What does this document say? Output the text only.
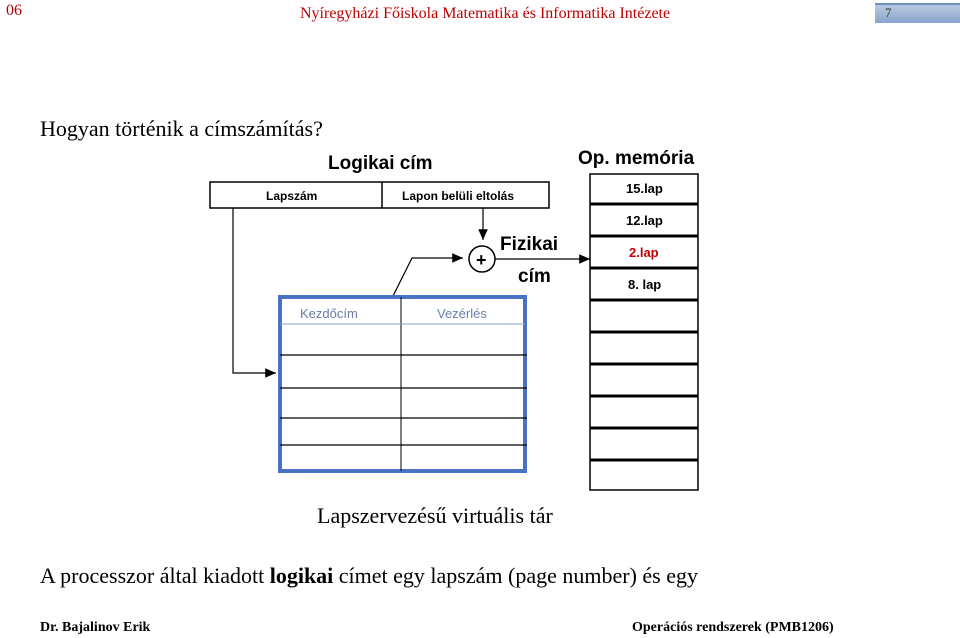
06	Nyíregyházi Főiskola Matematika és Informatika Intézete	7
Hogyan történik a címszámítás?
Logikai cím
Lapszám	Lapon belüli eltolás
+
Fizikai
cím
Kezdőcím	Vezérlés
Op. memória
15.lap
12.lap
2.lap
8. lap
Lapszervezésű virtuális tár
A processzor által kiadott logikai címet egy lapszám (page number) és egy
Dr. Bajalinov Erik	Operációs rendszerek (PMB1206)
